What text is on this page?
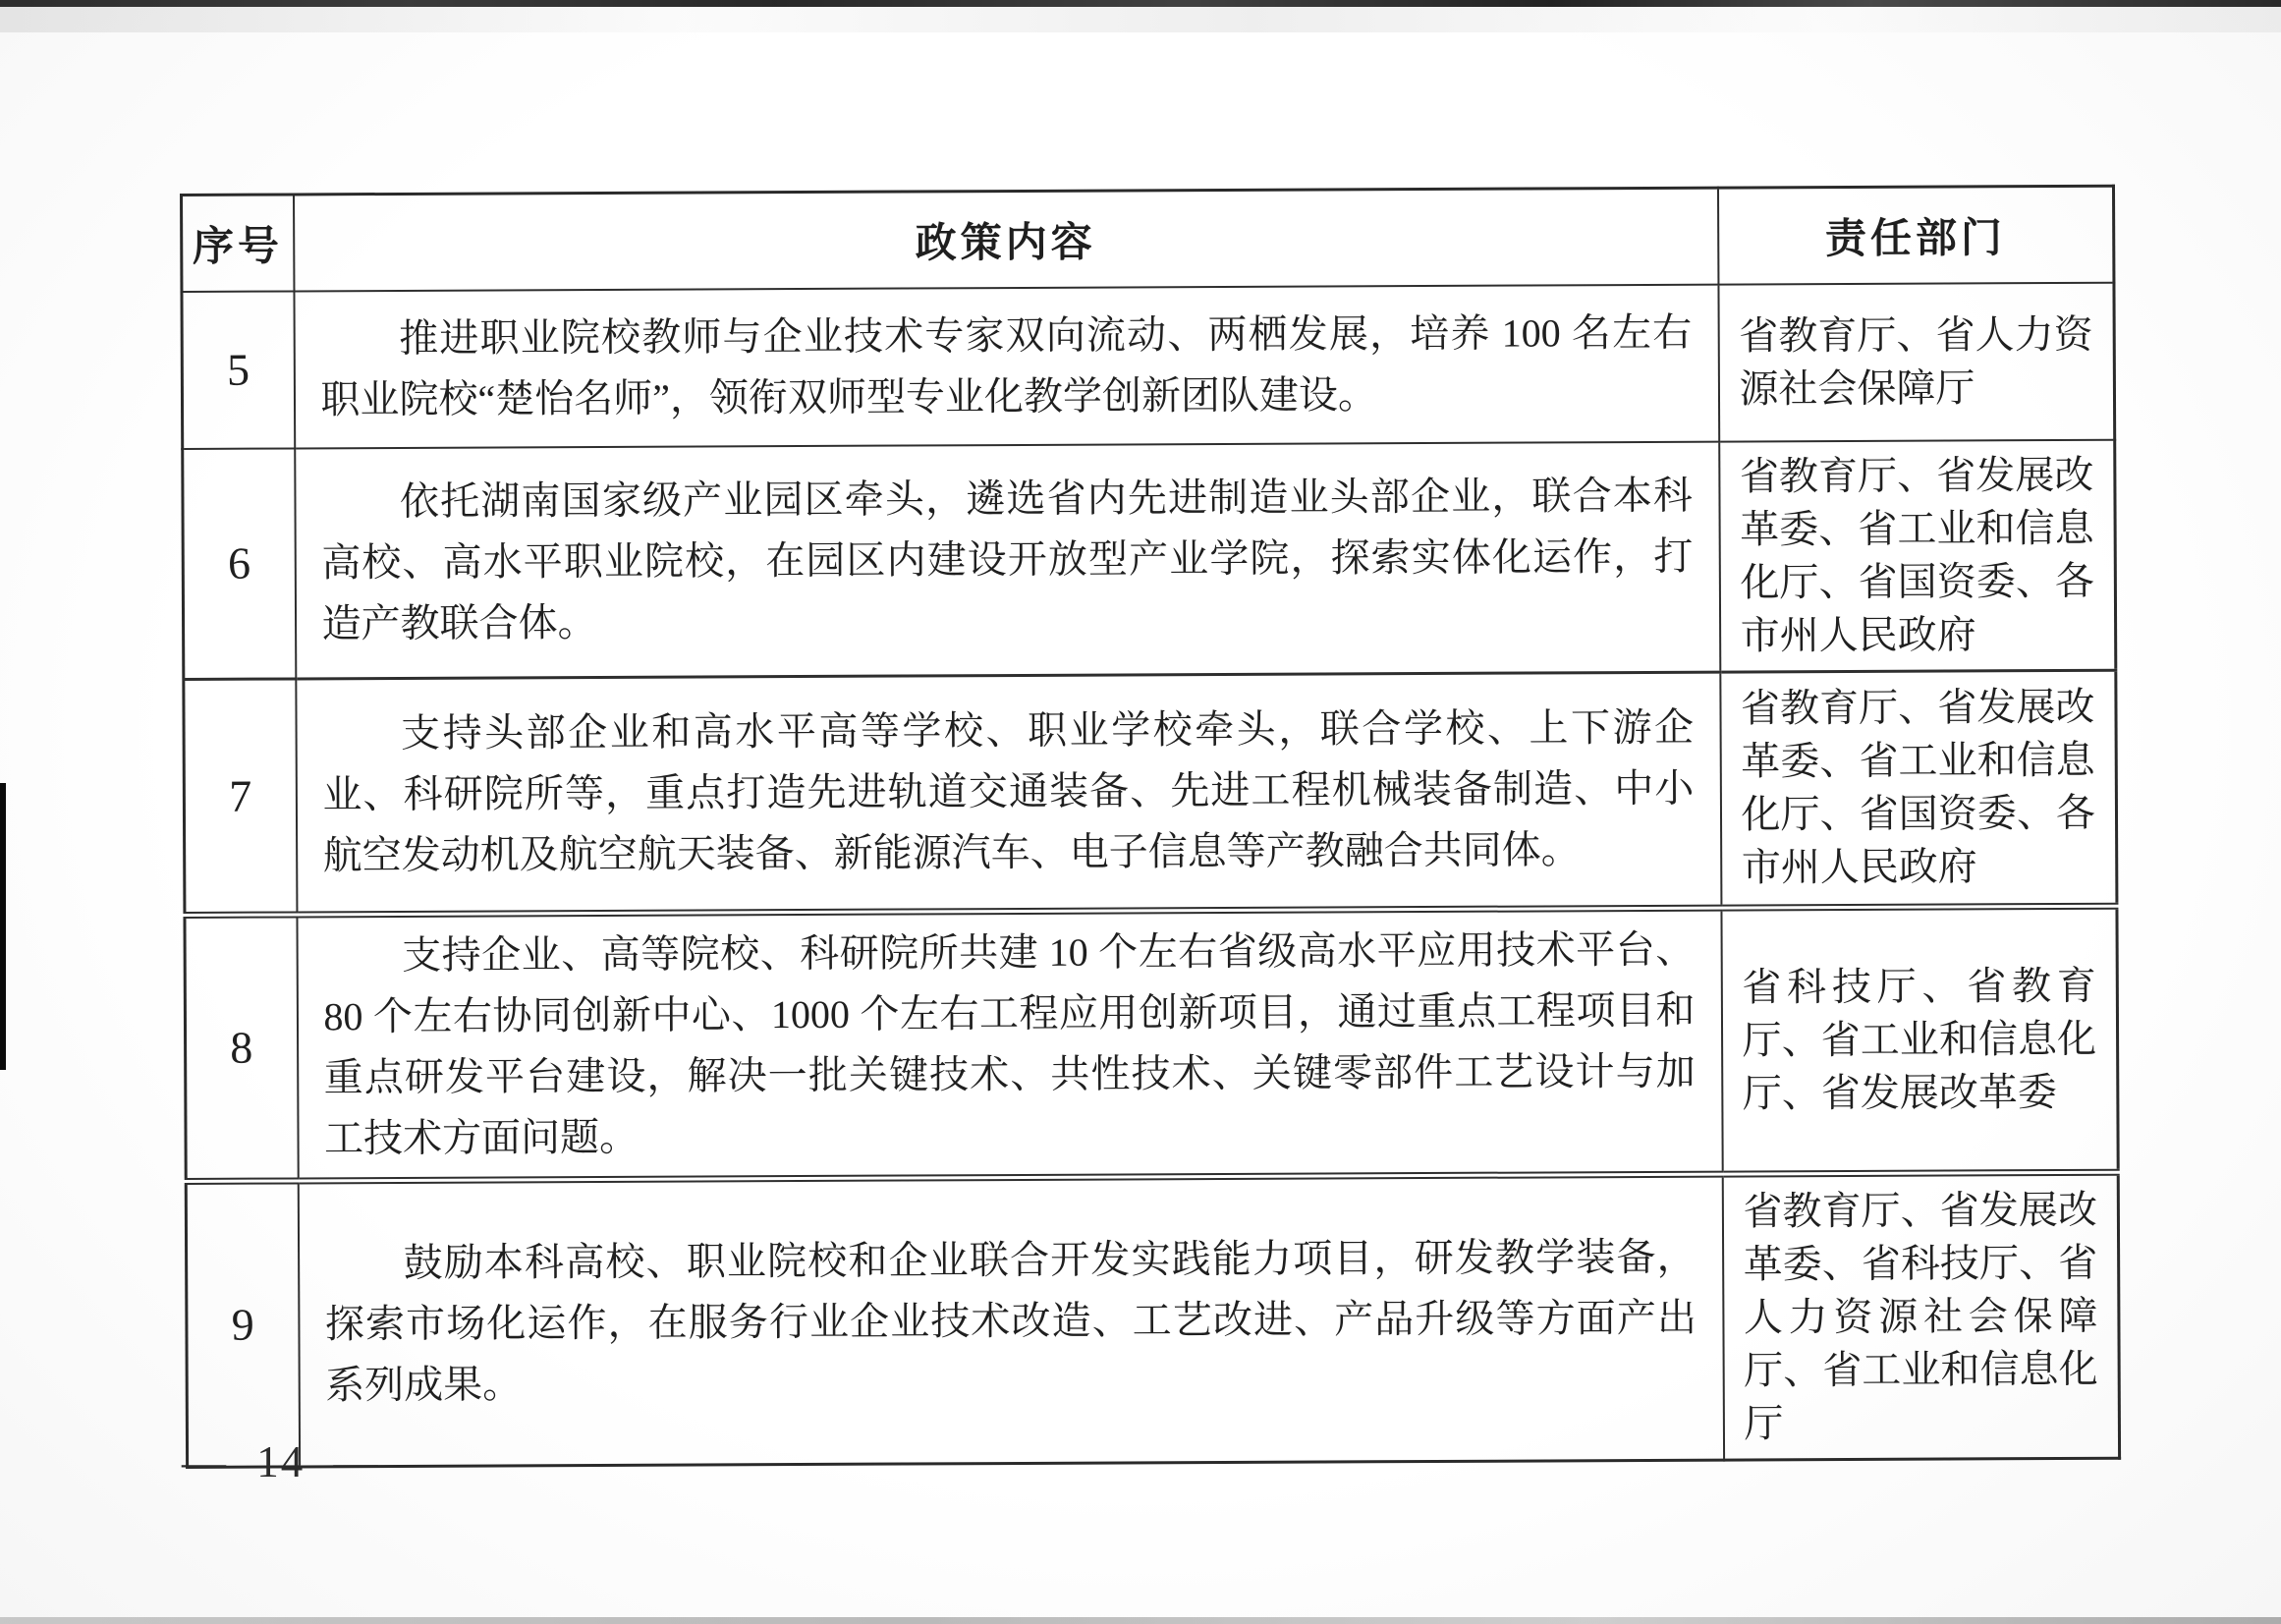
序号	政策内容	责任部门
5	推进职业院校教师与企业技术专家双向流动、两栖发展，培养 100 名左右职业院校“楚怡名师”，领衔双师型专业化教学创新团队建设。	省教育厅、省人力资源社会保障厅

6	依托湖南国家级产业园区牵头，遴选省内先进制造业头部企业，联合本科高校、高水平职业院校，在园区内建设开放型产业学院，探索实体化运作，打造产教联合体。	省教育厅、省发展改革委、省工业和信息化厅、省国资委、各市州人民政府

7	支持头部企业和高水平高等学校、职业学校牵头，联合学校、上下游企业、科研院所等，重点打造先进轨道交通装备、先进工程机械装备制造、中小航空发动机及航空航天装备、新能源汽车、电子信息等产教融合共同体。	省教育厅、省发展改革委、省工业和信息化厅、省国资委、各市州人民政府

8	支持企业、高等院校、科研院所共建 10 个左右省级高水平应用技术平台、80 个左右协同创新中心、1000 个左右工程应用创新项目，通过重点工程项目和重点研发平台建设，解决一批关键技术、共性技术、关键零部件工艺设计与加工技术方面问题。	省科技厅、省教育厅、省工业和信息化厅、省发展改革委

9	鼓励本科高校、职业院校和企业联合开发实践能力项目，研发教学装备，探索市场化运作，在服务行业企业技术改造、工艺改进、产品升级等方面产出系列成果。	省教育厅、省发展改革委、省科技厅、省人力资源社会保障厅、省工业和信息化厅
— 14 —
